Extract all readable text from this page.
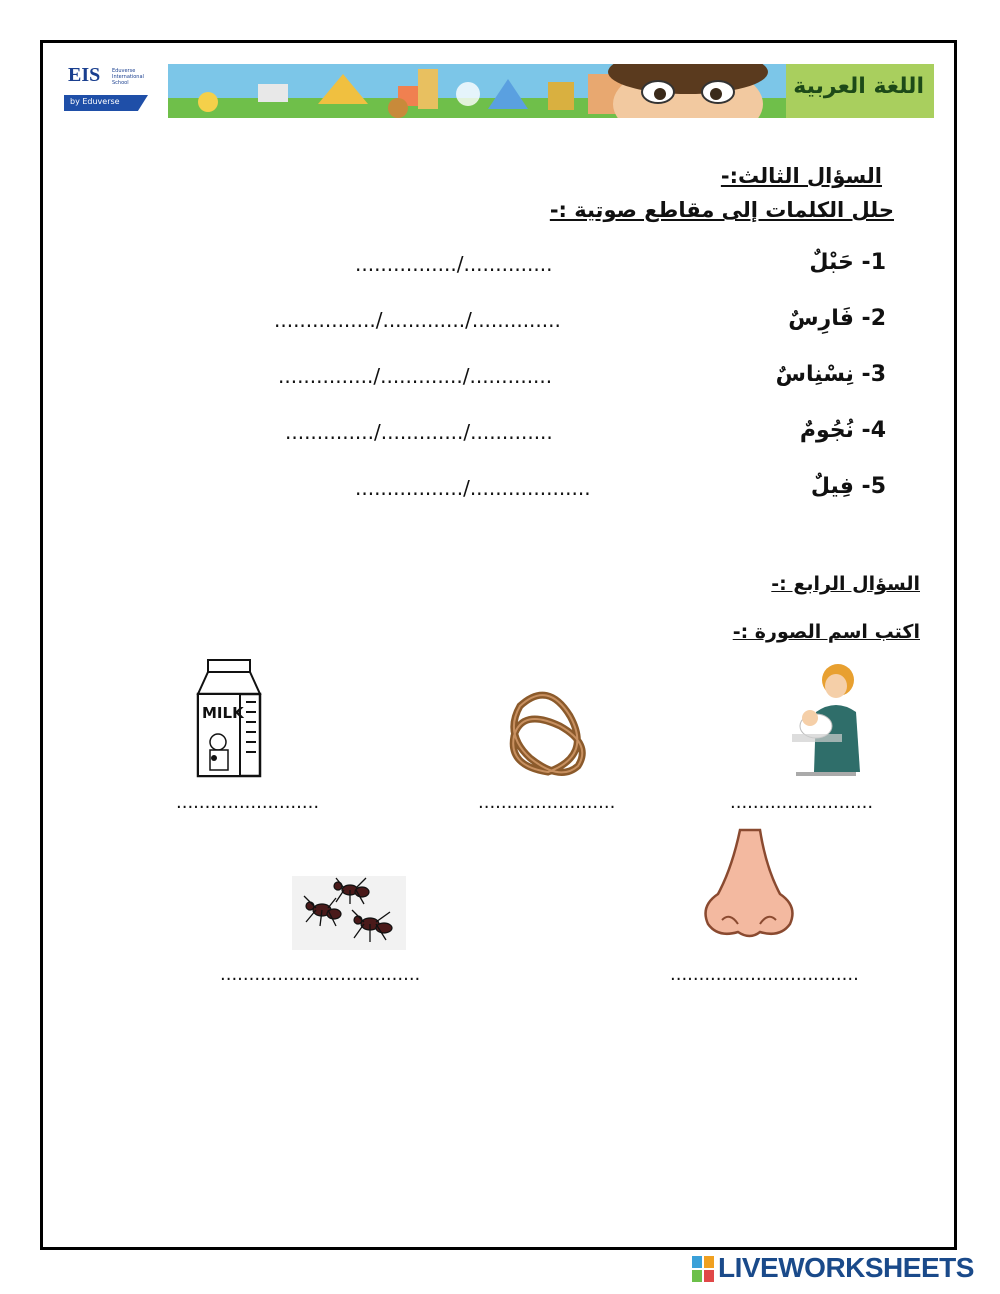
EIS Eduverse International School
by Eduverse
اللغة العربية
السؤال الثالث:-
حلل الكلمات إلى مقاطع صوتية :-
1- حَبْلٌ
................/..............
2- فَارِسٌ
................/............./..............
3- نِسْنِاسٌ
.............../............./.............
4- نُجُومٌ
............../............./.............
5- فِيلٌ
................./...................
السؤال الرابع :-
اكتب اسم الصورة :-
.........................
........................
MILK
.........................
.................................
...................................
LIVEWORKSHEETS
